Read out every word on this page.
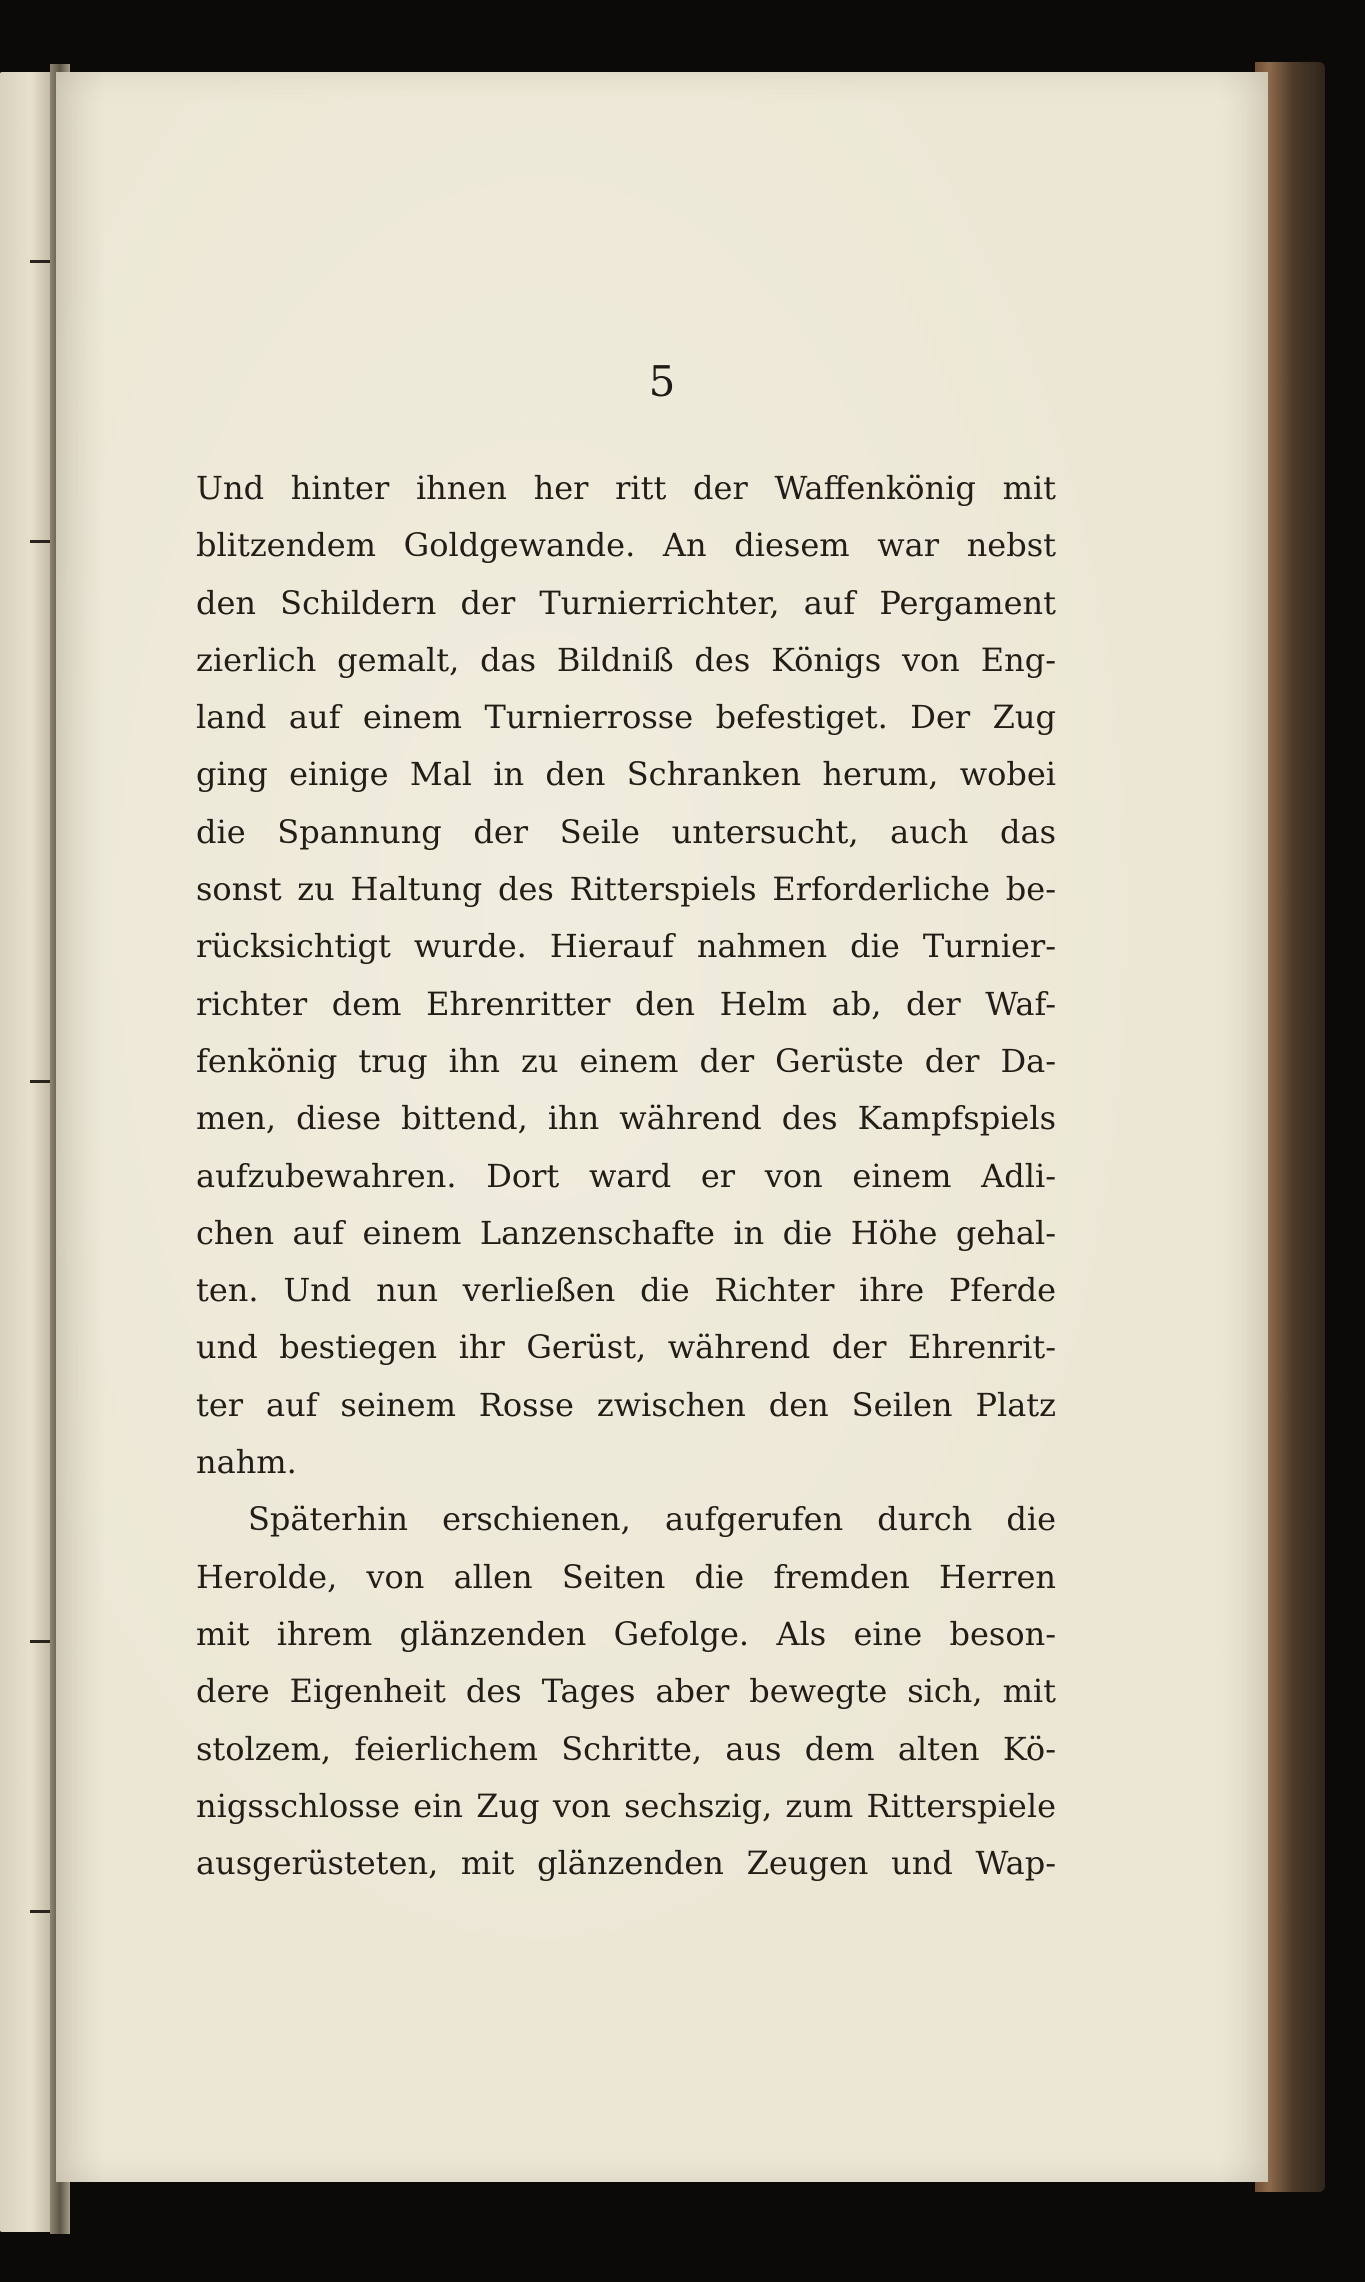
5
Und hinter ihnen her ritt der Waffenkönig mit
blitzendem Goldgewande. An diesem war nebst
den Schildern der Turnierrichter, auf Pergament
zierlich gemalt, das Bildniß des Königs von Eng-
land auf einem Turnierrosse befestiget. Der Zug
ging einige Mal in den Schranken herum, wobei
die Spannung der Seile untersucht, auch das
sonst zu Haltung des Ritterspiels Erforderliche be-
rücksichtigt wurde. Hierauf nahmen die Turnier-
richter dem Ehrenritter den Helm ab, der Waf-
fenkönig trug ihn zu einem der Gerüste der Da-
men, diese bittend, ihn während des Kampfspiels
aufzubewahren. Dort ward er von einem Adli-
chen auf einem Lanzenschafte in die Höhe gehal-
ten. Und nun verließen die Richter ihre Pferde
und bestiegen ihr Gerüst, während der Ehrenrit-
ter auf seinem Rosse zwischen den Seilen Platz
nahm.
Späterhin erschienen, aufgerufen durch die
Herolde, von allen Seiten die fremden Herren
mit ihrem glänzenden Gefolge. Als eine beson-
dere Eigenheit des Tages aber bewegte sich, mit
stolzem, feierlichem Schritte, aus dem alten Kö-
nigsschlosse ein Zug von sechszig, zum Ritterspiele
ausgerüsteten, mit glänzenden Zeugen und Wap-
